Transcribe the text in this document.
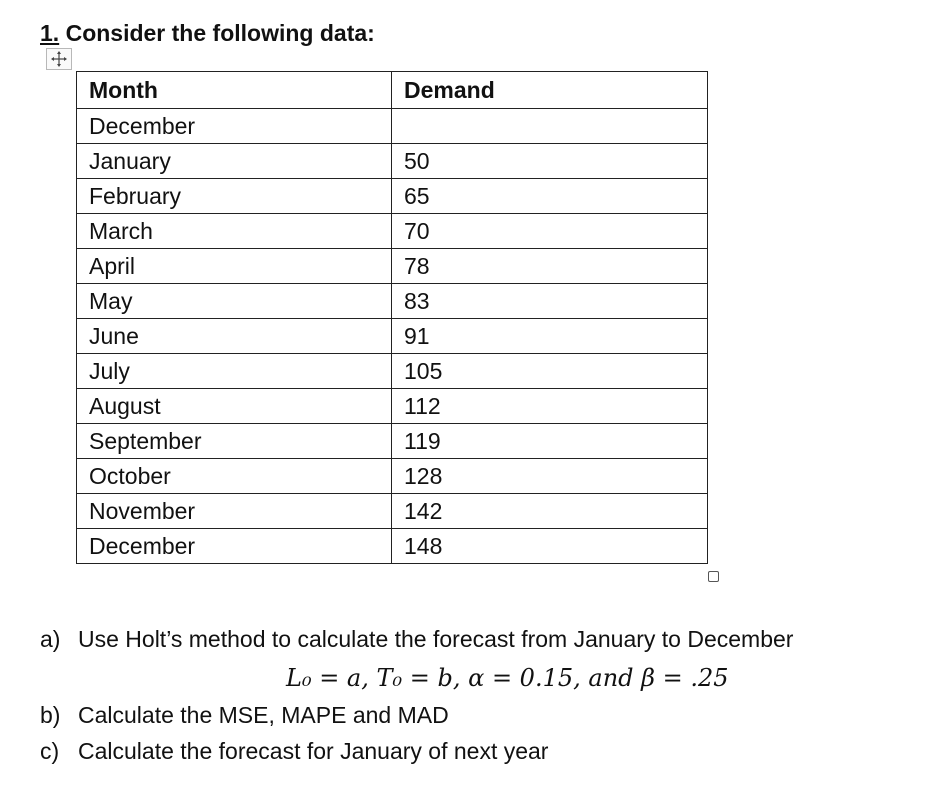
1. Consider the following data:
Month	Demand
December	
January	50
February	65
March	70
April	78
May	83
June	91
July	105
August	112
September	119
October	128
November	142
December	148
a) Use Holt’s method to calculate the forecast from January to December
b) Calculate the MSE, MAPE and MAD
c) Calculate the forecast for January of next year
L₀ = a, T₀ = b, α = 0.15, and β = .25
